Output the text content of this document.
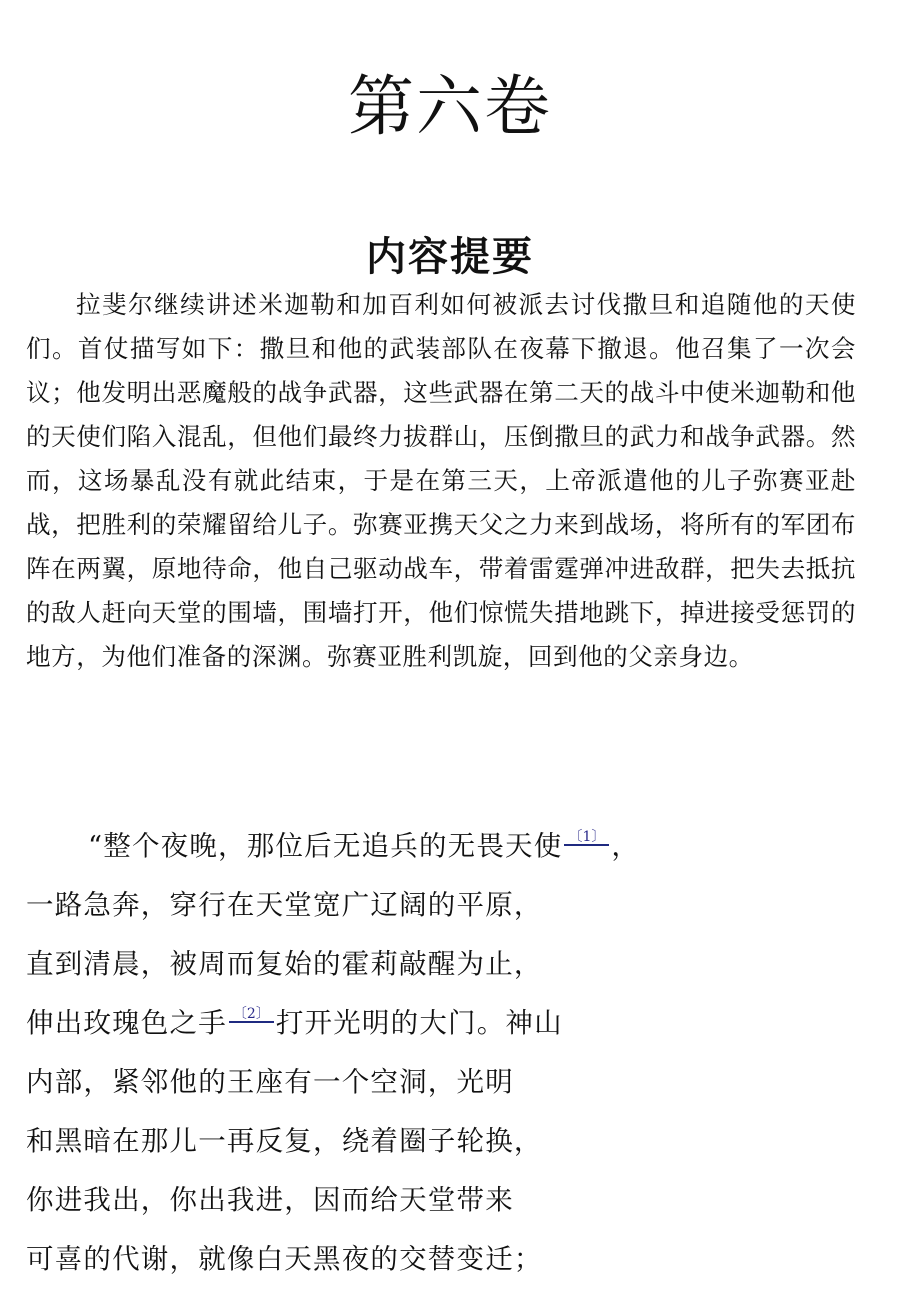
第六卷
内容提要

拉斐尔继续讲述米迦勒和加百利如何被派去讨伐撒旦和追随他的天使们。首仗描写如下：撒旦和他的武装部队在夜幕下撤退。他召集了一次会议；他发明出恶魔般的战争武器，这些武器在第二天的战斗中使米迦勒和他的天使们陷入混乱，但他们最终力拔群山，压倒撒旦的武力和战争武器。然而，这场暴乱没有就此结束，于是在第三天，上帝派遣他的儿子弥赛亚赴战，把胜利的荣耀留给儿子。弥赛亚携天父之力来到战场，将所有的军团布阵在两翼，原地待命，他自己驱动战车，带着雷霆弹冲进敌群，把失去抵抗的敌人赶向天堂的围墙，围墙打开，他们惊慌失措地跳下，掉进接受惩罚的地方，为他们准备的深渊。弥赛亚胜利凯旋，回到他的父亲身边。

“整个夜晚，那位后无追兵的无畏天使 〔1〕 ，
一路急奔，穿行在天堂宽广辽阔的平原，
直到清晨，被周而复始的霍莉敲醒为止，
伸出玫瑰色之手 〔2〕 打开光明的大门。神山
内部，紧邻他的王座有一个空洞，光明
和黑暗在那儿一再反复，绕着圈子轮换，
你进我出，你出我进，因而给天堂带来
可喜的代谢，就像白天黑夜的交替变迁；
